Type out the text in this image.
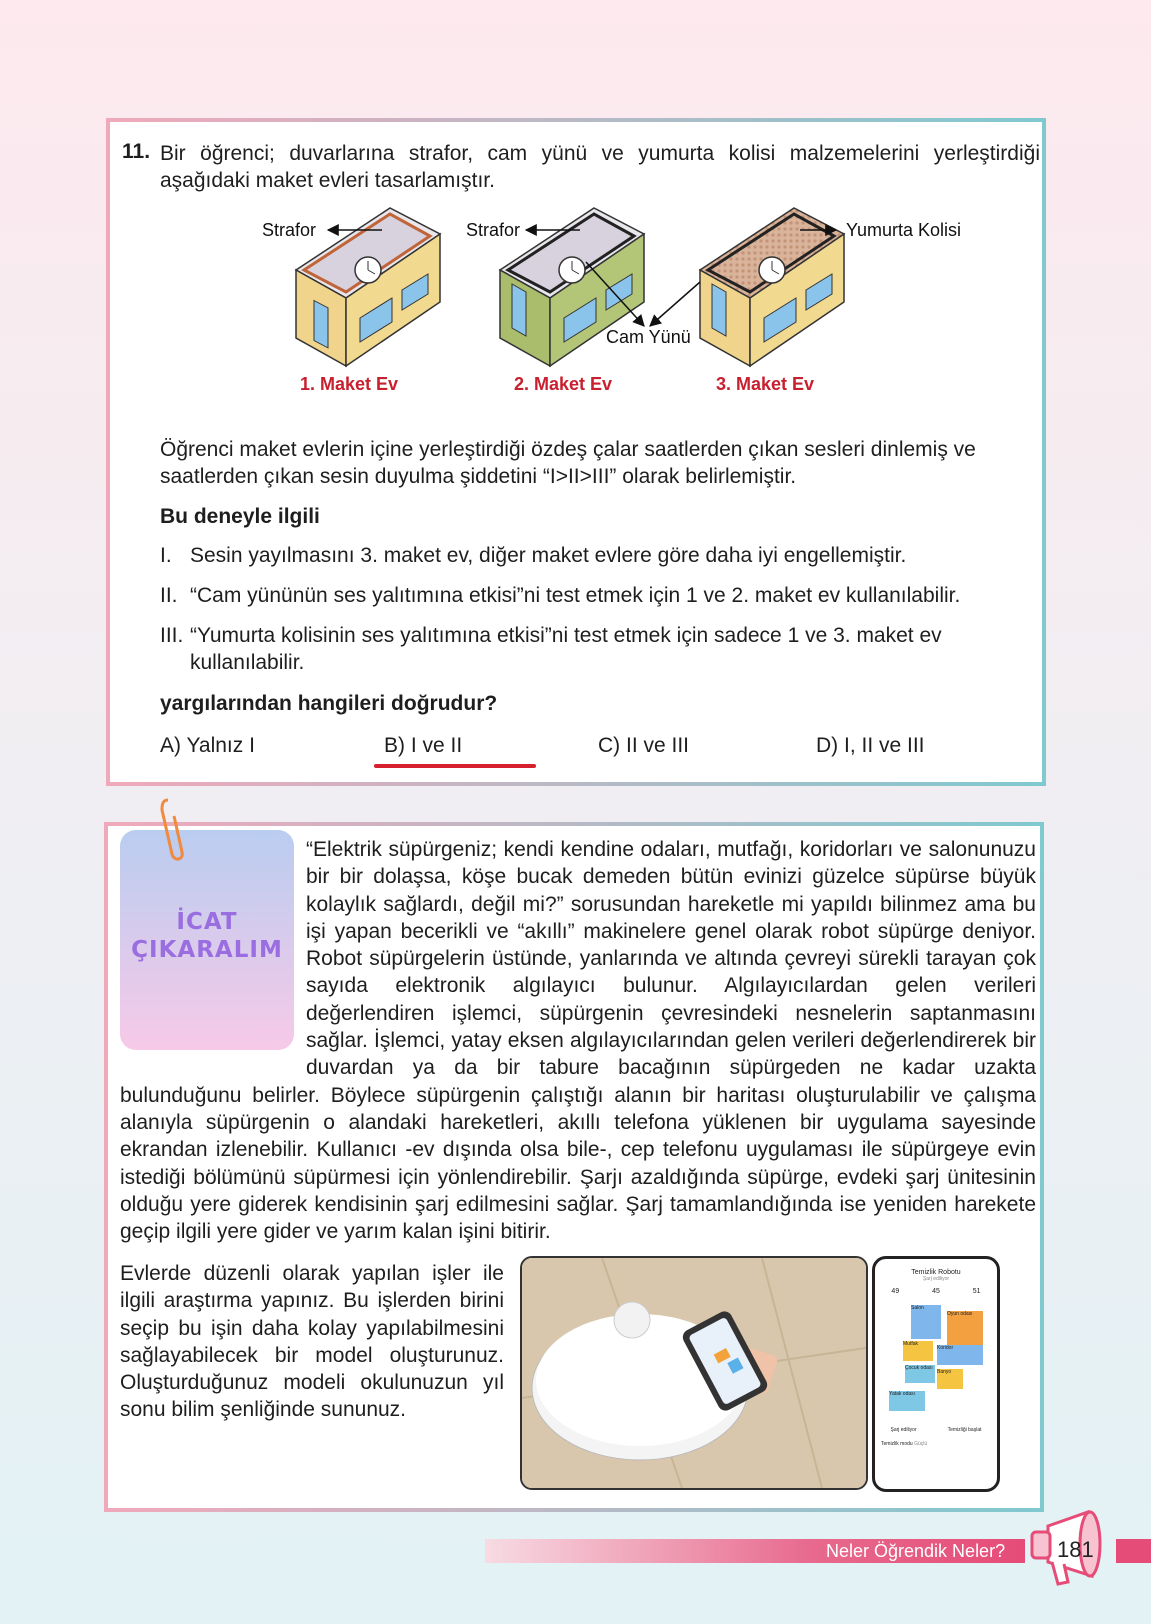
11. Bir öğrenci; duvarlarına strafor, cam yünü ve yumurta kolisi malzemelerini yerleştirdiği aşağıdaki maket evleri tasarlamıştır.
Strafor	Strafor	Yumurta Kolisi
Cam Yünü
1. Maket Ev	2. Maket Ev	3. Maket Ev
Öğrenci maket evlerin içine yerleştirdiği özdeş çalar saatlerden çıkan sesleri dinlemiş ve saatlerden çıkan sesin duyulma şiddetini “I>II>III” olarak belirlemiştir.
Bu deneyle ilgili
I. Sesin yayılmasını 3. maket ev, diğer maket evlere göre daha iyi engellemiştir.
II. “Cam yününün ses yalıtımına etkisi”ni test etmek için 1 ve 2. maket ev kullanılabilir.
III. “Yumurta kolisinin ses yalıtımına etkisi”ni test etmek için sadece 1 ve 3. maket ev kullanılabilir.
yargılarından hangileri doğrudur?
A) Yalnız I	B) I ve II	C) II ve III	D) I, II ve III
İCAT
ÇIKARALIM
“Elektrik süpürgeniz; kendi kendine odaları, mutfağı, koridorları ve salonunuzu bir bir dolaşsa, köşe bucak demeden bütün evinizi güzelce süpürse büyük kolaylık sağlardı, değil mi?” sorusundan hareketle mi yapıldı bilinmez ama bu işi yapan becerikli ve “akıllı” makinelere genel olarak robot süpürge deniyor. Robot süpürgelerin üstünde, yanlarında ve altında çevreyi sürekli tarayan çok sayıda elektronik algılayıcı bulunur. Algılayıcılardan gelen verileri değerlendiren işlemci, süpürgenin çevresindeki nesnelerin saptanmasını sağlar. İşlemci, yatay eksen algılayıcılarından gelen verileri değerlendirerek bir duvardan ya da bir tabure bacağının süpürgeden ne kadar uzakta bulunduğunu belirler. Böylece süpürgenin çalıştığı alanın bir haritası oluşturulabilir ve çalışma alanıyla süpürgenin o alandaki hareketleri, akıllı telefona yüklenen bir uygulama sayesinde ekrandan izlenebilir. Kullanıcı -ev dışında olsa bile-, cep telefonu uygulaması ile süpürgeye evin istediği bölümünü süpürmesi için yönlendirebilir. Şarjı azaldığında süpürge, evdeki şarj ünitesinin olduğu yere giderek kendisinin şarj edilmesini sağlar. Şarj tamamlandığında ise yeniden harekete geçip ilgili yere gider ve yarım kalan işini bitirir.
Evlerde düzenli olarak yapılan işler ile ilgili araştırma yapınız. Bu işlerden birini seçip bu işin daha kolay yapılabilmesini sağlayabilecek bir model oluşturunuz. Oluşturduğunuz modeli okulunuzun yıl sonu bilim şenliğinde sununuz.
Temizlik Robotu
Şarj ediliyor
49	45	51
Salon
Oyun odası
Mutfak
Koridor
Çocuk odası
Banyo
Yatak odası
Şarj ediliyor	Temizliği başlat
Temizlik modu Güçlü
Neler Öğrendik Neler? 181
